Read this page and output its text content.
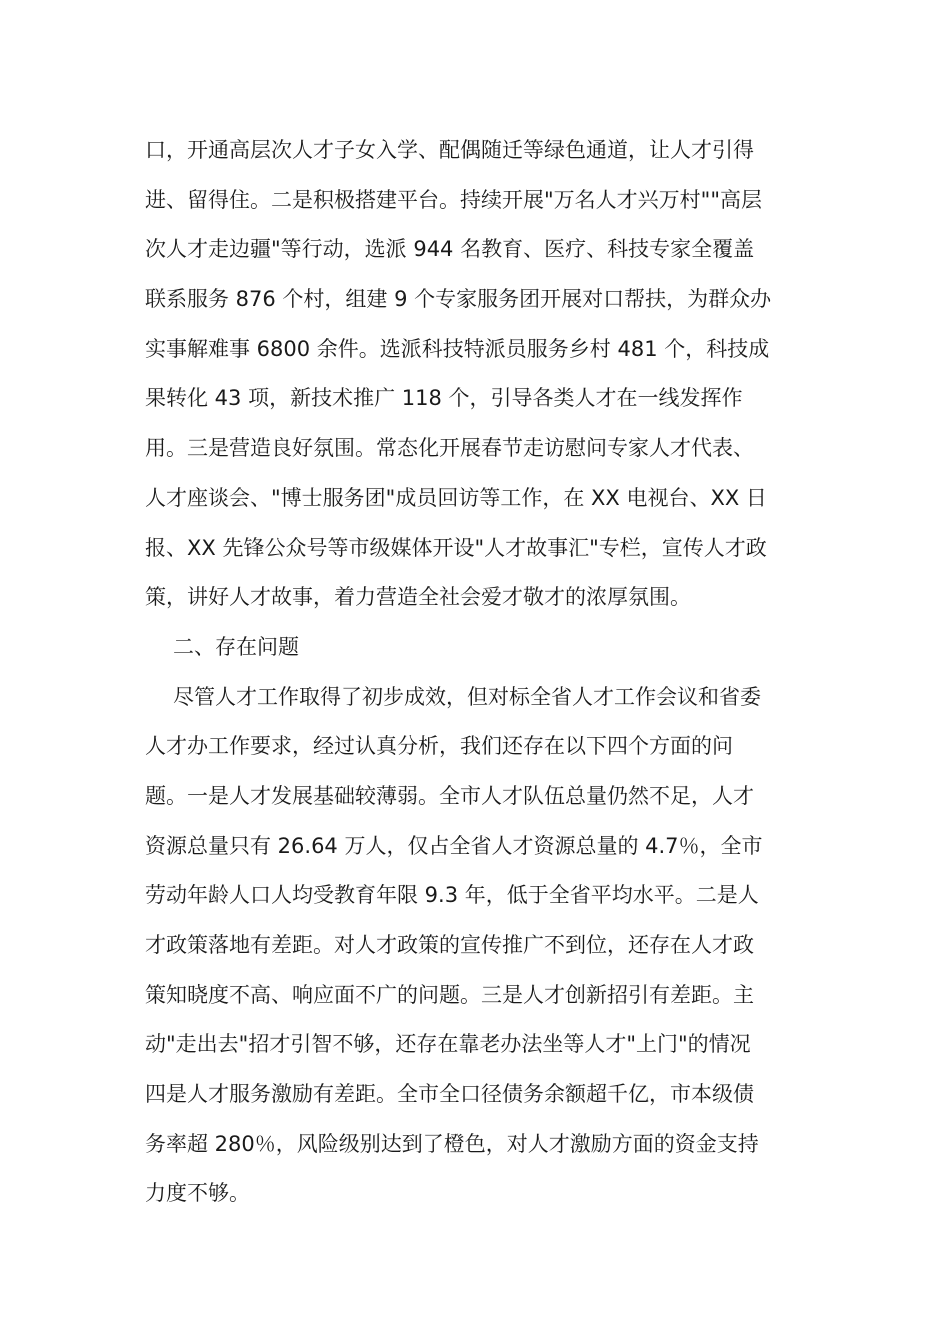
口，开通高层次人才子女入学、配偶随迁等绿色通道，让人才引得
进、留得住。二是积极搭建平台。持续开展"万名人才兴万村""高层
次人才走边疆"等行动，选派 944 名教育、医疗、科技专家全覆盖
联系服务 876 个村，组建 9 个专家服务团开展对口帮扶，为群众办
实事解难事 6800 余件。选派科技特派员服务乡村 481 个，科技成
果转化 43 项，新技术推广 118 个，引导各类人才在一线发挥作
用。三是营造良好氛围。常态化开展春节走访慰问专家人才代表、
人才座谈会、"博士服务团"成员回访等工作，在 XX 电视台、XX 日
报、XX 先锋公众号等市级媒体开设"人才故事汇"专栏，宣传人才政
策，讲好人才故事，着力营造全社会爱才敬才的浓厚氛围。
二、存在问题
尽管人才工作取得了初步成效，但对标全省人才工作会议和省委
人才办工作要求，经过认真分析，我们还存在以下四个方面的问
题。一是人才发展基础较薄弱。全市人才队伍总量仍然不足，人才
资源总量只有 26.64 万人，仅占全省人才资源总量的 4.7％，全市
劳动年龄人口人均受教育年限 9.3 年，低于全省平均水平。二是人
才政策落地有差距。对人才政策的宣传推广不到位，还存在人才政
策知晓度不高、响应面不广的问题。三是人才创新招引有差距。主
动"走出去"招才引智不够，还存在靠老办法坐等人才"上门"的情况
四是人才服务激励有差距。全市全口径债务余额超千亿，市本级债
务率超 280％，风险级别达到了橙色，对人才激励方面的资金支持
力度不够。
